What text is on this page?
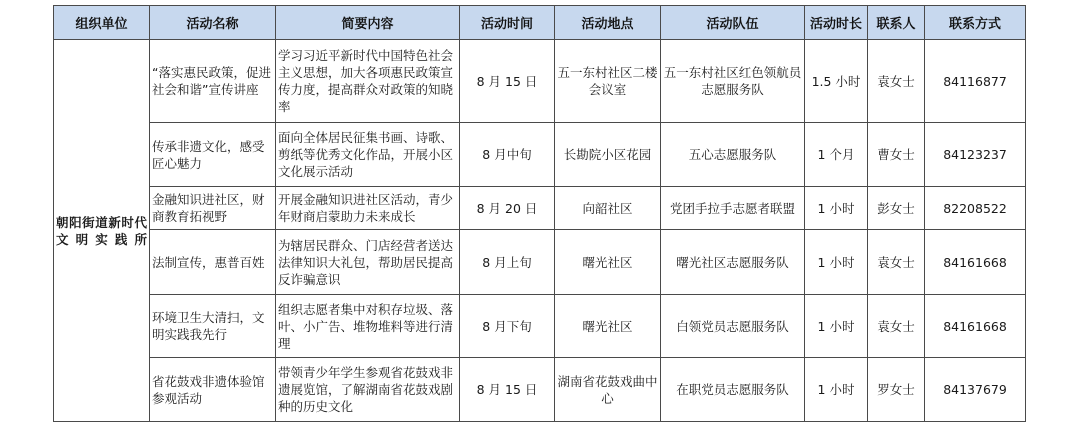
组织单位	活动名称	简要内容	活动时间	活动地点	活动队伍	活动时长	联系人	联系方式
朝阳街道新时代文明实践所	“落实惠民政策，促进社会和谐”宣传讲座	学习习近平新时代中国特色社会主义思想，加大各项惠民政策宣传力度，提高群众对政策的知晓率	8 月 15 日	五一东村社区二楼会议室	五一东村社区红色领航员志愿服务队	1.5 小时	袁女士	84116877
	传承非遗文化，感受匠心魅力	面向全体居民征集书画、诗歌、剪纸等优秀文化作品，开展小区文化展示活动	8 月中旬	长勘院小区花园	五心志愿服务队	1 个月	曹女士	84123237
	金融知识进社区，财商教育拓视野	开展金融知识进社区活动，青少年财商启蒙助力未来成长	8 月 20 日	向韶社区	党团手拉手志愿者联盟	1 小时	彭女士	82208522
	法制宣传，惠普百姓	为辖居民群众、门店经营者送达法律知识大礼包，帮助居民提高反诈骗意识	8 月上旬	曙光社区	曙光社区志愿服务队	1 小时	袁女士	84161668
	环境卫生大清扫，文明实践我先行	组织志愿者集中对积存垃圾、落叶、小广告、堆物堆料等进行清理	8 月下旬	曙光社区	白领党员志愿服务队	1 小时	袁女士	84161668
	省花鼓戏非遗体验馆参观活动	带领青少年学生参观省花鼓戏非遗展览馆，了解湖南省花鼓戏剧种的历史文化	8 月 15 日	湖南省花鼓戏曲中心	在职党员志愿服务队	1 小时	罗女士	84137679
